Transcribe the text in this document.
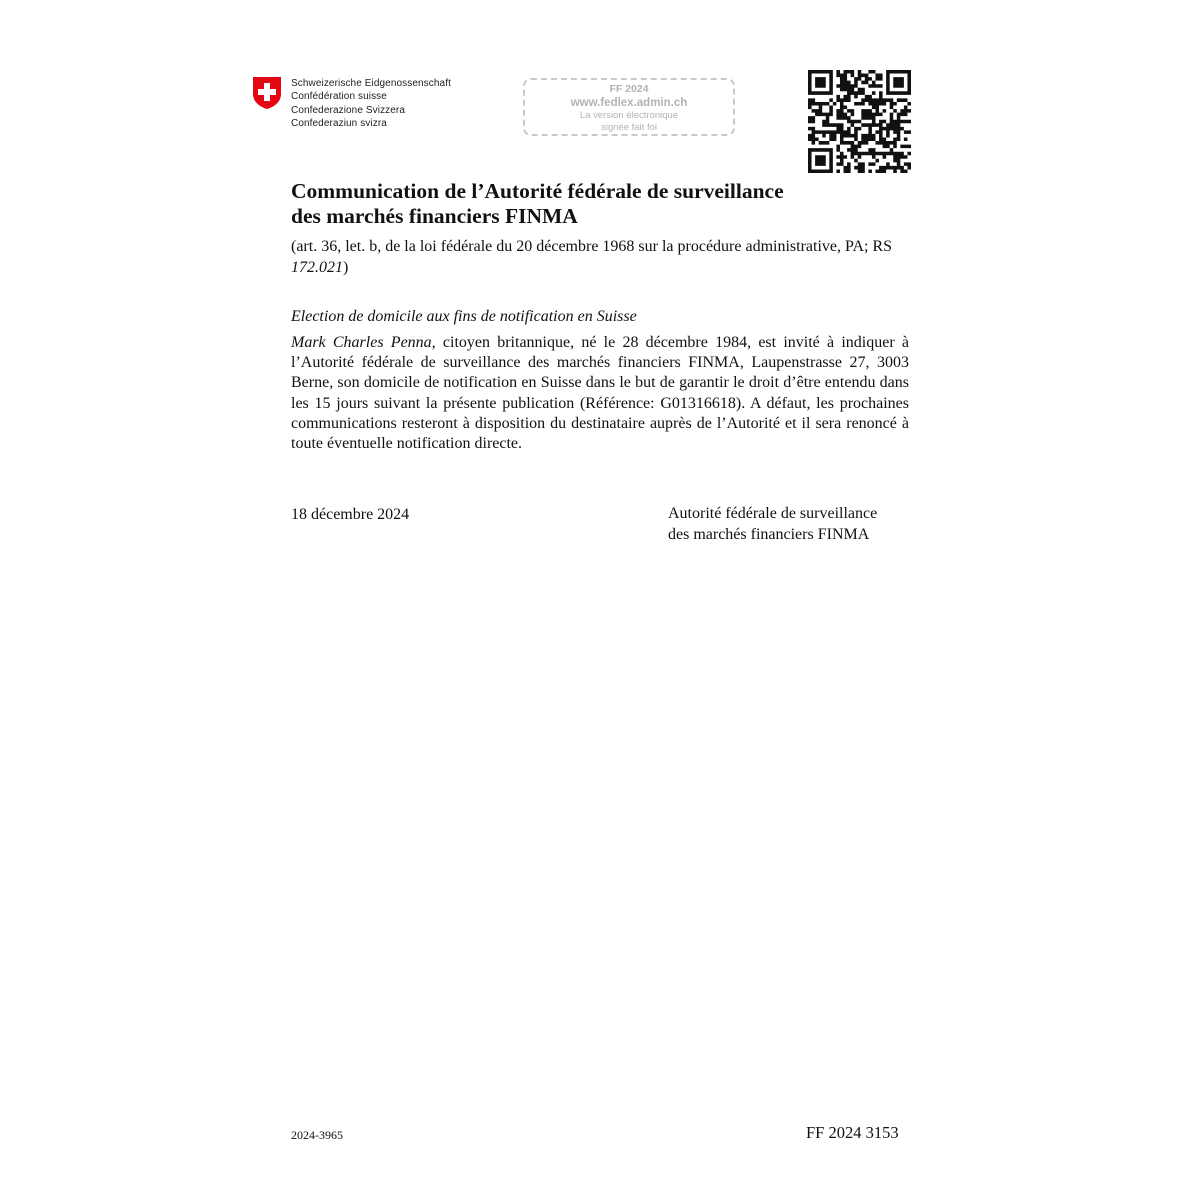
Schweizerische Eidgenossenschaft
Confédération suisse
Confederazione Svizzera
Confederaziun svizra
FF 2024
www.fedlex.admin.ch
La version électronique
signée fait foi
Communication de l’Autorité fédérale de surveillance
des marchés financiers FINMA
(art. 36, let. b, de la loi fédérale du 20 décembre 1968 sur la procédure administrative, PA; RS 172.021)
Election de domicile aux fins de notification en Suisse
Mark Charles Penna, citoyen britannique, né le 28 décembre 1984, est invité à indiquer à l’Autorité fédérale de surveillance des marchés financiers FINMA, Laupenstrasse 27, 3003 Berne, son domicile de notification en Suisse dans le but de garantir le droit d’être entendu dans les 15 jours suivant la présente publication (Référence: G01316618). A défaut, les prochaines communications resteront à disposition du destinataire auprès de l’Autorité et il sera renoncé à toute éventuelle notification directe.
18 décembre 2024	Autorité fédérale de surveillance
des marchés financiers FINMA
2024-3965	FF 2024 3153
